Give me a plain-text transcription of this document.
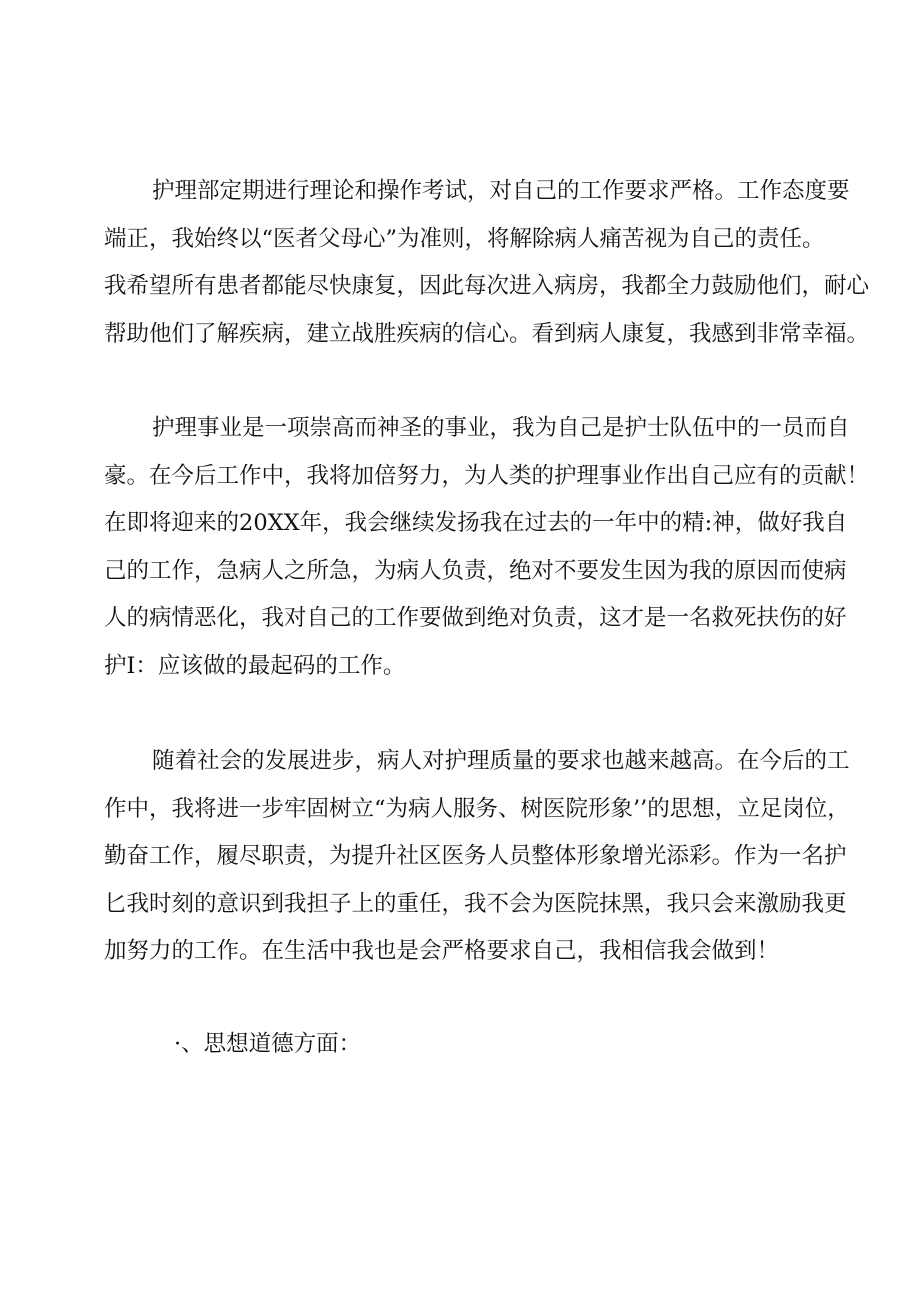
护理部定期进行理论和操作考试，对自己的工作要求严格。工作态度要
端正，我始终以“医者父母心”为准则，将解除病人痛苦视为自己的责任。
我希望所有患者都能尽快康复，因此每次进入病房，我都全力鼓励他们，耐心
帮助他们了解疾病，建立战胜疾病的信心。看到病人康复，我感到非常幸福。

护理事业是一项崇高而神圣的事业，我为自己是护士队伍中的一员而自
豪。在今后工作中，我将加倍努力，为人类的护理事业作出自己应有的贡献！
在即将迎来的20XX年，我会继续发扬我在过去的一年中的精:神，做好我自
己的工作，急病人之所急，为病人负责，绝对不要发生因为我的原因而使病
人的病情恶化，我对自己的工作要做到绝对负责，这才是一名救死扶伤的好
护I：应该做的最起码的工作。

随着社会的发展进步，病人对护理质量的要求也越来越高。在今后的工
作中，我将进一步牢固树立“为病人服务、树医院形象’’的思想，立足岗位，
勤奋工作，履尽职责，为提升社区医务人员整体形象增光添彩。作为一名护
匕我时刻的意识到我担子上的重任，我不会为医院抹黑，我只会来激励我更
加努力的工作。在生活中我也是会严格要求自己，我相信我会做到！

·、思想道德方面：
